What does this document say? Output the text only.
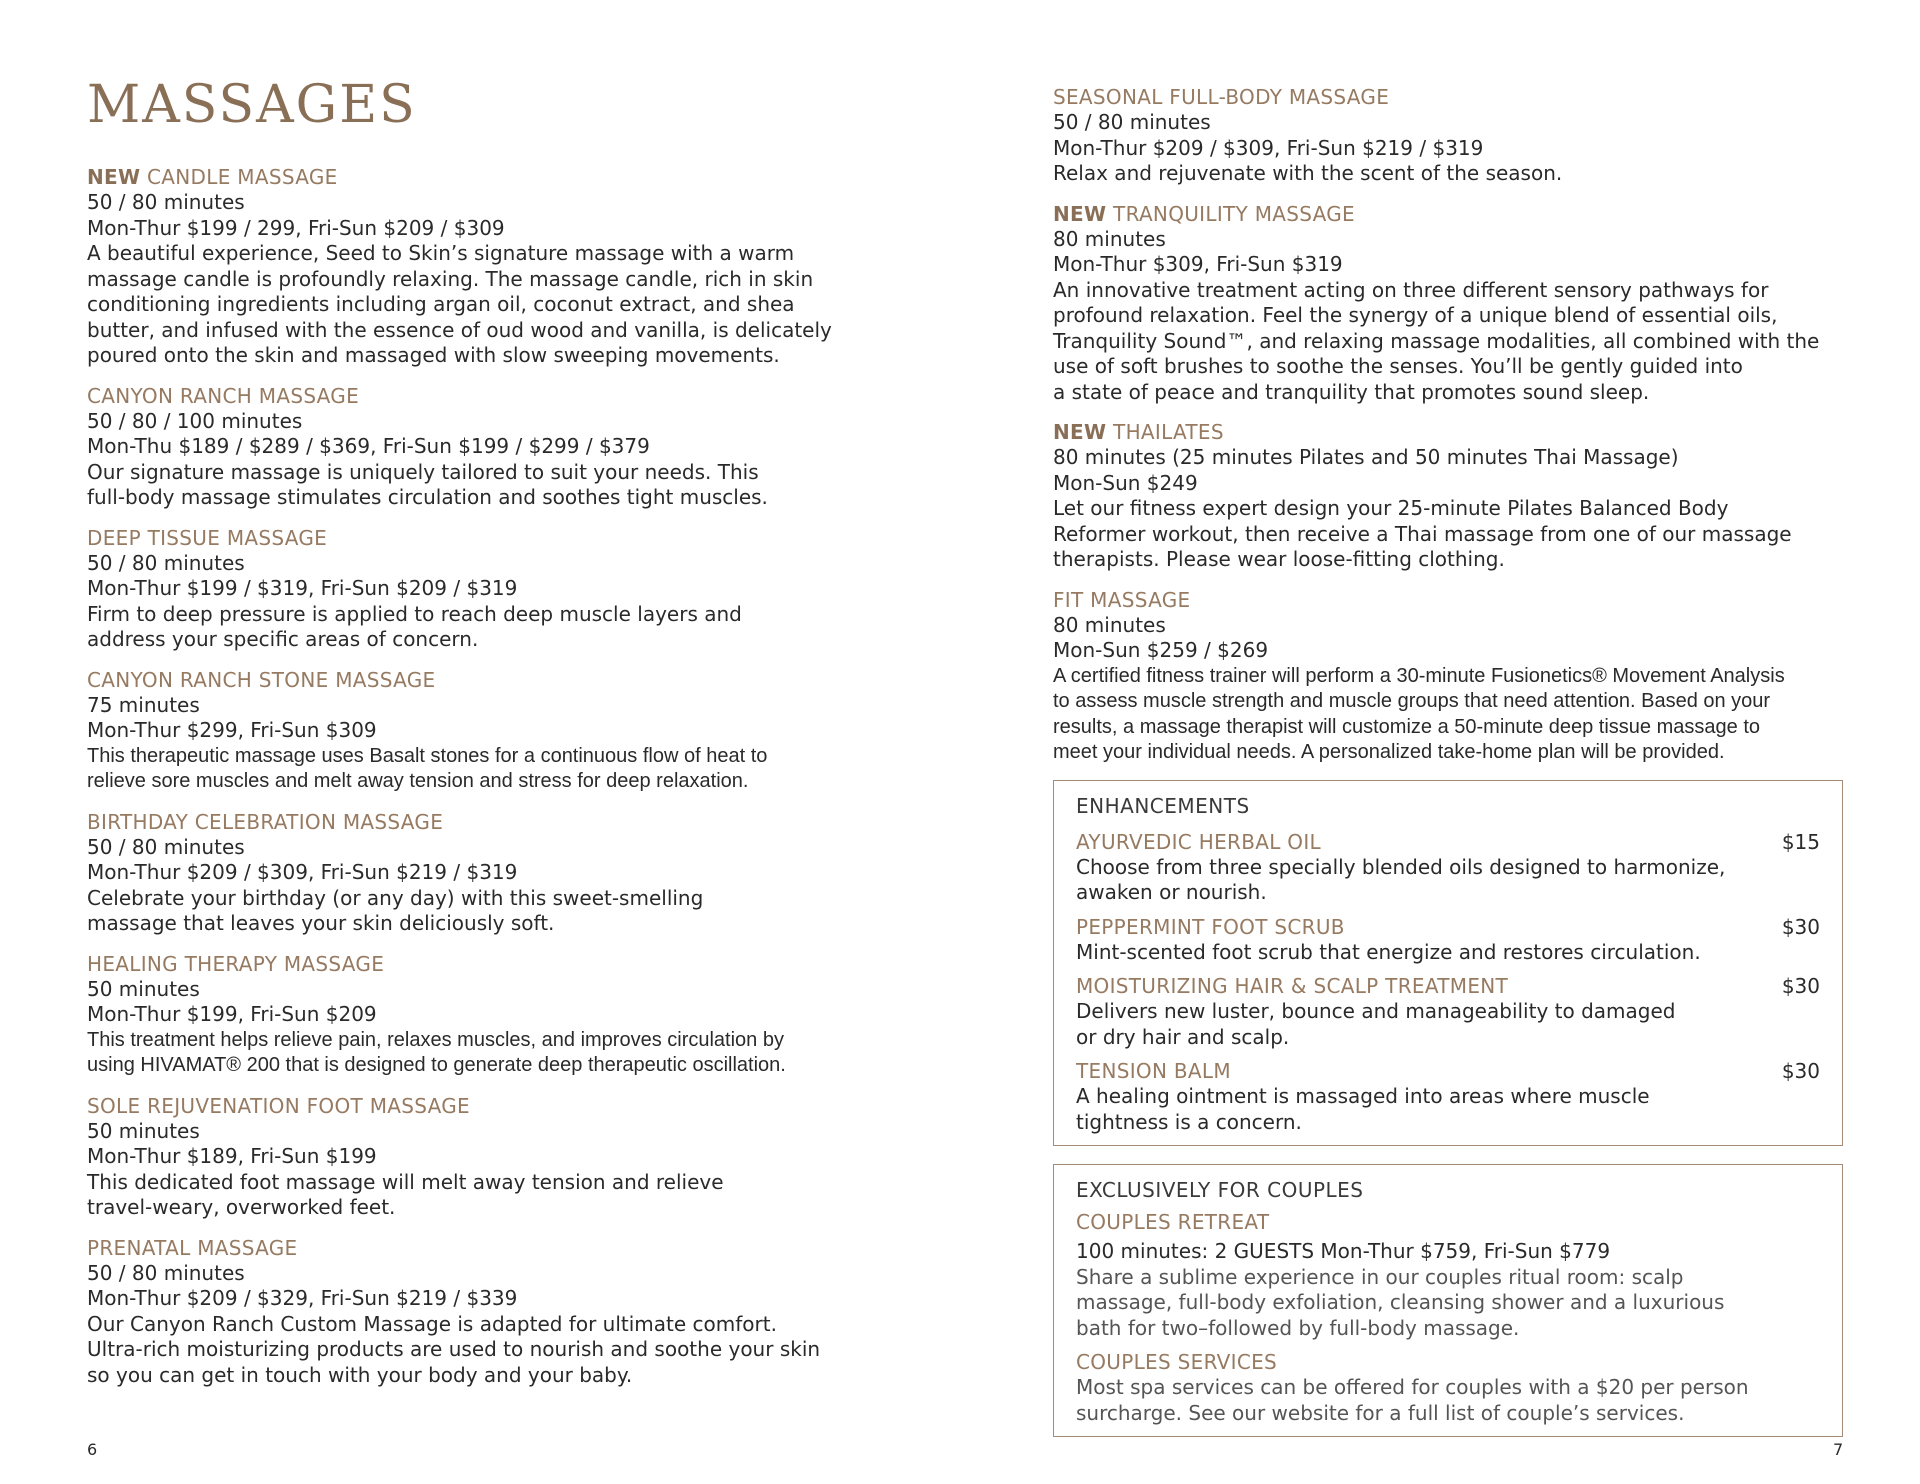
MASSAGES
NEW CANDLE MASSAGE
50 / 80 minutes
Mon-Thur $199 / 299, Fri-Sun $209 / $309
A beautiful experience, Seed to Skin’s signature massage with a warm
massage candle is profoundly relaxing. The massage candle, rich in skin
conditioning ingredients including argan oil, coconut extract, and shea
butter, and infused with the essence of oud wood and vanilla, is delicately
poured onto the skin and massaged with slow sweeping movements.
CANYON RANCH MASSAGE
50 / 80 / 100 minutes
Mon-Thu $189 / $289 / $369, Fri-Sun $199 / $299 / $379
Our signature massage is uniquely tailored to suit your needs. This
full-body massage stimulates circulation and soothes tight muscles.
DEEP TISSUE MASSAGE
50 / 80 minutes
Mon-Thur $199 / $319, Fri-Sun $209 / $319
Firm to deep pressure is applied to reach deep muscle layers and
address your specific areas of concern.
CANYON RANCH STONE MASSAGE
75 minutes
Mon-Thur $299, Fri-Sun $309
This therapeutic massage uses Basalt stones for a continuous flow of heat to
relieve sore muscles and melt away tension and stress for deep relaxation.
BIRTHDAY CELEBRATION MASSAGE
50 / 80 minutes
Mon-Thur $209 / $309, Fri-Sun $219 / $319
Celebrate your birthday (or any day) with this sweet-smelling
massage that leaves your skin deliciously soft.
HEALING THERAPY MASSAGE
50 minutes
Mon-Thur $199, Fri-Sun $209
This treatment helps relieve pain, relaxes muscles, and improves circulation by
using HIVAMAT® 200 that is designed to generate deep therapeutic oscillation.
SOLE REJUVENATION FOOT MASSAGE
50 minutes
Mon-Thur $189, Fri-Sun $199
This dedicated foot massage will melt away tension and relieve
travel-weary, overworked feet.
PRENATAL MASSAGE
50 / 80 minutes
Mon-Thur $209 / $329, Fri-Sun $219 / $339
Our Canyon Ranch Custom Massage is adapted for ultimate comfort.
Ultra-rich moisturizing products are used to nourish and soothe your skin
so you can get in touch with your body and your baby.
6
SEASONAL FULL-BODY MASSAGE
50 / 80 minutes
Mon-Thur $209 / $309, Fri-Sun $219 / $319
Relax and rejuvenate with the scent of the season.
NEW TRANQUILITY MASSAGE
80 minutes
Mon-Thur $309, Fri-Sun $319
An innovative treatment acting on three different sensory pathways for
profound relaxation. Feel the synergy of a unique blend of essential oils,
Tranquility Sound™, and relaxing massage modalities, all combined with the
use of soft brushes to soothe the senses. You’ll be gently guided into
a state of peace and tranquility that promotes sound sleep.
NEW THAILATES
80 minutes (25 minutes Pilates and 50 minutes Thai Massage)
Mon-Sun $249
Let our fitness expert design your 25-minute Pilates Balanced Body
Reformer workout, then receive a Thai massage from one of our massage
therapists. Please wear loose-fitting clothing.
FIT MASSAGE
80 minutes
Mon-Sun $259 / $269
A certified fitness trainer will perform a 30-minute Fusionetics® Movement Analysis
to assess muscle strength and muscle groups that need attention. Based on your
results, a massage therapist will customize a 50-minute deep tissue massage to
meet your individual needs. A personalized take-home plan will be provided.
ENHANCEMENTS
AYURVEDIC HERBAL OIL
Choose from three specially blended oils designed to harmonize,
awaken or nourish.
$15
PEPPERMINT FOOT SCRUB
Mint-scented foot scrub that energize and restores circulation.
$30
MOISTURIZING HAIR & SCALP TREATMENT
Delivers new luster, bounce and manageability to damaged
or dry hair and scalp.
$30
TENSION BALM
A healing ointment is massaged into areas where muscle
tightness is a concern.
$30
EXCLUSIVELY FOR COUPLES
COUPLES RETREAT
100 minutes: 2 GUESTS Mon-Thur $759, Fri-Sun $779
Share a sublime experience in our couples ritual room: scalp
massage, full-body exfoliation, cleansing shower and a luxurious
bath for two–followed by full-body massage.
COUPLES SERVICES
Most spa services can be offered for couples with a $20 per person
surcharge. See our website for a full list of couple’s services.
7
